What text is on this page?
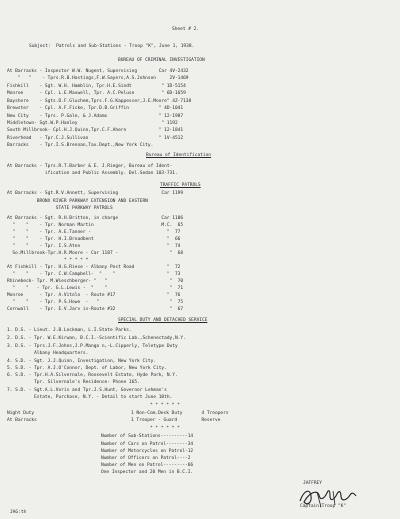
Sheet # 2.
Subject:  Patrols and Sub-Stations - Troop "K", June 1, 1938.
BUREAU OF CRIMINAL INVESTIGATION
At Barracks - Inspector W.W. Nugent, Supervising        Car 4V-2432
"   "    - Tprs.R.B.Hastings,F.W.Sayers,A.S.Johnson     2V-1469
Fishkill    - Sgt. W.H. Hamblin, Tpr.H.E.Sindt           " 1D-5154
Monroe      - Cpl. L.E.Maxwell, Tpr. A.C.Peluse          " 6D-1659
Bayshore    - Sgts.D.F.Gluchem,Tprs.F.G.Kappesser,J.E.Moore" 4Z-7138
Brewster    - Cpl. A.F.Ficke, Tpr.D.B.Griffin           " 4D-1041
New City    - Tprs. P.Gale, & J.Adams                   " 12-1987
Middletown- Sgt.W.P.Hanley                               " 1192
South Millbrook- Cpl.H.J.Quinn,Tpr.C.F.Ahern            " 12-1841
Riverhead   - Tpr.C.J.Sullivan                          " 1V-4512
Barracks    - Tpr.I.S.Brennan,Tax.Dept.,New York City.
Bureau of Identification
At Barracks - Tprs.R.T.Barber & E. J.Rieger, Bureau of Ident-
ification and Public Assembly. Del.Sedan 103-731.
TRAFFIC PATROLS
At Barracks - Sgt.R.V.Annett, Supervising                Car 1199
BRONX RIVER PARKWAY EXTENSION AND EASTERN
STATE PARKWAY PATROLS
At Barracks - Sgt. R.H.Britton, in charge                Car 1186
"    "    - Tpr. Norman Martin                         M.C.  65
"    "    - Tpr. A.E.Tanner -                            "  77
"    "    - Tpr. H.I.Broadbent                           "  66
"    "    - Tpr. I.S.Aten                                "  74
So.Millbrook-Tpr.H.R.Moore - Car 1187 -                   "  68
* * * * *
At Fishkill - Tpr. H.G.Riese - Albany Post Road            "  72
"    "    - Tpr. C.W.Campbell-  "    "                   "  73
Rhinebeck- Tpr. M.Wieschberger- "   "                       "  70
"    "   - Tpr. G.L.Lewis -  "    "                       "  71
Monroe      - Tpr. A.Vitolo  - Route #17                   "  76
"    "    - Tpr. P.S.Howe  -   "                          "  75
Cornwall    - Tpr. E.V.Jarv is-Route #32                    "  67
SPECIAL DUTY AND DETACHED SERVICE
1. D.S. - Lieut. J.B.Lockman, L.I.State Parks.
2. D.S. - Tpr. W.E.Kirwan, B.C.I.-Scientific Lab.,Schenectady,N.Y.
3. D.S. - Tprs.J.F.Johns,J.P.Manga n,-L.Cipperly, Teletype Duty
Albany Headquarters.
4. S.D. - Sgt. J.J.Quinn, Investigation, New York City.
5. S.D. - Tpr. A.J.O'Connor, Dept. of Labor, New York City.
6. S.D. - Tpr.H.A.Silvernale, Roosevelt Estate, Hyde Park, N.Y.
Tpr. Silvernale's Residence- Phone 165.
7. S.D. - Sgt.A.L.Voris and Tpr.J.S.Hunt, Governor Lehman's
Estate, Purchase, N.Y. - Detail to start June 10th.
* * * * * *
Night Duty
At Barracks
1 Non-Com.Desk Duty       4 Troopers
1 Trooper - Guard         Reserve
* * * * * *
Number of Sub-Stations----------14
Number of Cars on Patrol--------34
Number of Motorcycles on Patrol-12
Number of Officers on Patrol----2
Number of Men on Patrol---------66
One Inspector and 20 Men in B.C.I.
JAFFREY
Captain,Troop "K"
JAG:th
